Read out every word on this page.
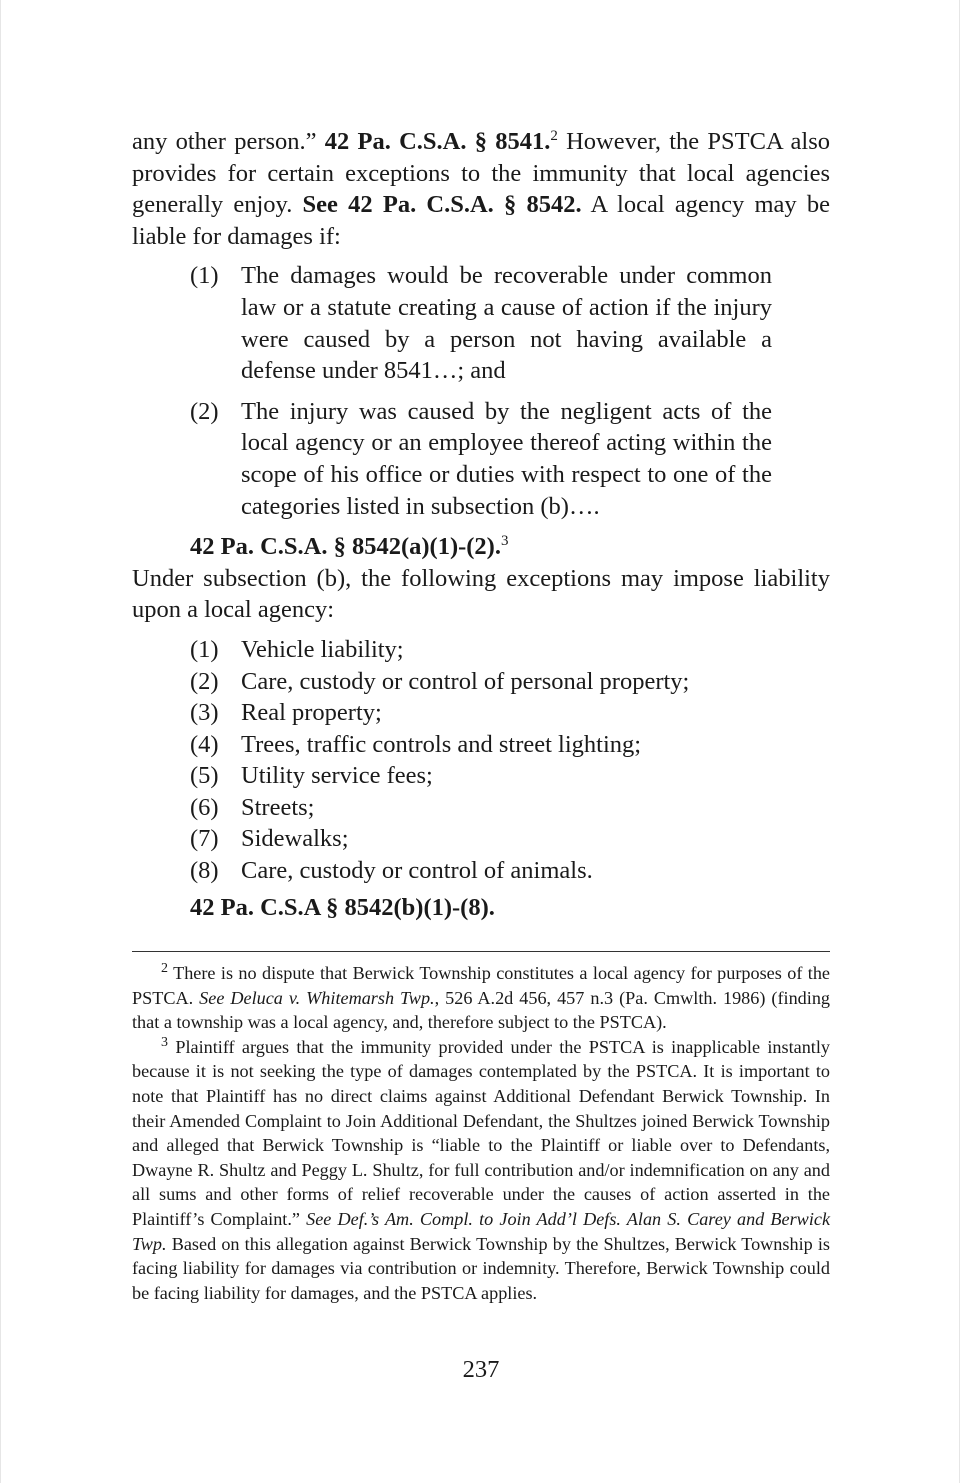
any other person.” 42 Pa. C.S.A. § 8541.$^2$ However, the PSTCA also provides for certain exceptions to the immunity that local agencies generally enjoy. See 42 Pa. C.S.A. § 8542. A local agency may be liable for damages if:

(1) The damages would be recoverable under common law or a statute creating a cause of action if the injury were caused by a person not having available a defense under 8541…; and
(2) The injury was caused by the negligent acts of the local agency or an employee thereof acting within the scope of his office or duties with respect to one of the categories listed in subsection (b)….
42 Pa. C.S.A. § 8542(a)(1)-(2).$^3$

Under subsection (b), the following exceptions may impose liability upon a local agency:

(1) Vehicle liability;
(2) Care, custody or control of personal property;
(3) Real property;
(4) Trees, traffic controls and street lighting;
(5) Utility service fees;
(6) Streets;
(7) Sidewalks;
(8) Care, custody or control of animals.
42 Pa. C.S.A § 8542(b)(1)-(8).

$^2$ There is no dispute that Berwick Township constitutes a local agency for purposes of the PSTCA. See Deluca v. Whitemarsh Twp., 526 A.2d 456, 457 n.3 (Pa. Cmwlth. 1986) (finding that a township was a local agency, and, therefore subject to the PSTCA).

$^3$ Plaintiff argues that the immunity provided under the PSTCA is inapplicable instantly because it is not seeking the type of damages contemplated by the PSTCA. It is important to note that Plaintiff has no direct claims against Additional Defendant Berwick Township. In their Amended Complaint to Join Additional Defendant, the Shultzes joined Berwick Township and alleged that Berwick Township is “liable to the Plaintiff or liable over to Defendants, Dwayne R. Shultz and Peggy L. Shultz, for full contribution and/or indemnification on any and all sums and other forms of relief recoverable under the causes of action asserted in the Plaintiff’s Complaint.” See Def.’s Am. Compl. to Join Add’l Defs. Alan S. Carey and Berwick Twp. Based on this allegation against Berwick Township by the Shultzes, Berwick Township is facing liability for damages via contribution or indemnity. Therefore, Berwick Township could be facing liability for damages, and the PSTCA applies.

237
